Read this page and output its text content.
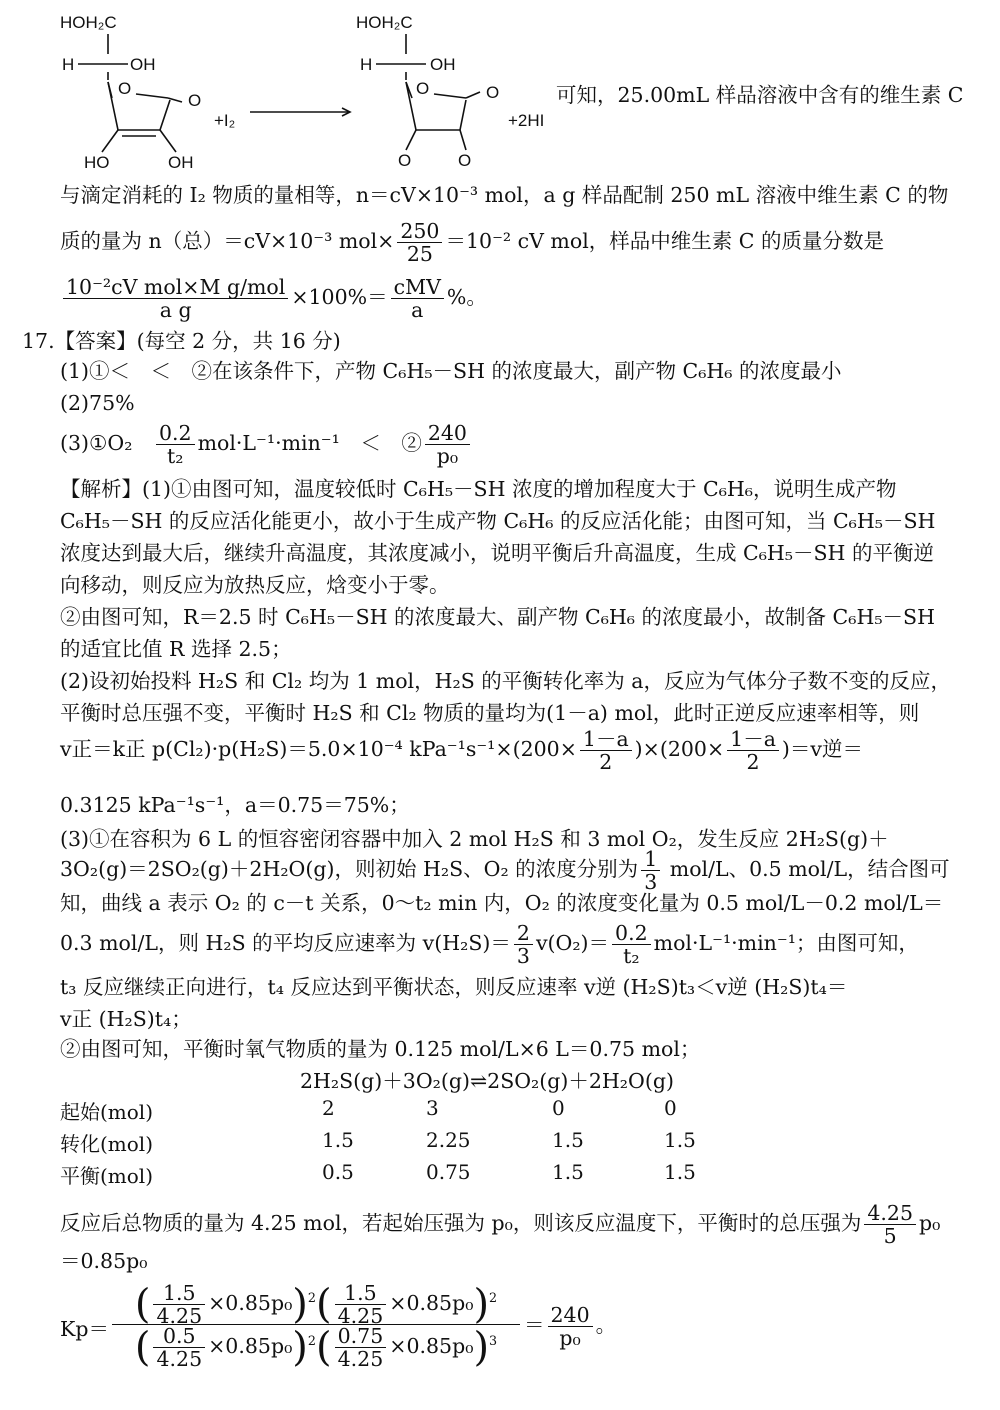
HOH₂C
H	OH
O
O
HO	OH
+I₂
HOH₂C
H	OH
O	O
O	O
+2HI
可知，25.00mL 样品溶液中含有的维生素 C
与滴定消耗的 I₂ 物质的量相等，n＝cV×10⁻³ mol，a g 样品配制 250 mL 溶液中维生素 C 的物
质的量为 n（总）＝cV×10⁻³ $mol\times \frac{250}{25} =10^{-2}$ cV mol，样品中维生素 C 的质量分数是
10⁻²cV mol×M g/mol
a g
×100%＝ cMV
a
%。
17.【答案】(每空 2 分，共 16 分)
(1)①＜　＜　②在该条件下，产物 C₆H₅－SH 的浓度最大，副产物 C₆H₆ 的浓度最小
(2)75%
(3)①O₂　 $\frac{0.2}{\text{t₂}} mol\cdot L^{-1}\cdot\min^{-1}$　＜　② $\frac{240}{\text{p₀}}$
【解析】(1)①由图可知，温度较低时 C₆H₅－SH 浓度的增加程度大于 C₆H₆，说明生成产物
C₆H₅－SH 的反应活化能更小，故小于生成产物 C₆H₆ 的反应活化能；由图可知，当 C₆H₅－SH
浓度达到最大后，继续升高温度，其浓度减小，说明平衡后升高温度，生成 C₆H₅－SH 的平衡逆
向移动，则反应为放热反应，焓变小于零。
②由图可知，R＝2.5 时 C₆H₅－SH 的浓度最大、副产物 C₆H₆ 的浓度最小，故制备 C₆H₅－SH
的适宜比值 R 选择 2.5；
(2)设初始投料 H₂S 和 Cl₂ 均为 1 mol，H₂S 的平衡转化率为 a，反应为气体分子数不变的反应，
平衡时总压强不变，平衡时 H₂S 和 Cl₂ 物质的量均为(1－a) mol，此时正逆反应速率相等，则
v正＝k正 p(Cl₂)·p(H₂S)＝5.0×10⁻⁴ $kPa^{-1}s^{-1}\times(200\times \frac{1-a}{2} )\times(200\times \frac{1-a}{2} )=v$逆＝
0.3125 kPa⁻¹s⁻¹，a＝0.75＝75%；
(3)①在容积为 6 L 的恒容密闭容器中加入 2 mol H₂S 和 3 mol O₂，发生反应 2H₂S(g)＋
3O₂(g)＝2SO₂(g)＋2H₂O(g)，则初始 H₂S、O₂ 的浓度分别为 $\frac{1}{3} mol/L$、0.5 mol/L，结合图可
知，曲线 a 表示 O₂ 的 c－t 关系，0～t₂ min 内，O₂ 的浓度变化量为 0.5 mol/L－0.2 mol/L＝
0.3 mol/L，则 H₂S 的平均反应速率为 $v(H_2S)= \frac{2}{3} v(O_2)= \frac{0.2}{\text{t₂}} mol\cdot L^{-1}\cdot\min^{-1}$；由图可知，
t₃ 反应继续正向进行，t₄ 反应达到平衡状态，则反应速率 v逆 (H₂S)t₃＜v逆 (H₂S)t₄＝
v正 (H₂S)t₄；
②由图可知，平衡时氧气物质的量为 0.125 mol/L×6 L＝0.75 mol；
2H₂S(g)＋3O₂(g)⇌2SO₂(g)＋2H₂O(g)
起始(mol)	2	3	0	0
转化(mol)	1.5	2.25	1.5	1.5
平衡(mol)	0.5	0.75	1.5	1.5
反应后总物质的量为 4.25 mol，若起始压强为 p₀，则该反应温度下，平衡时的总压强为 $\frac{4.25}{5} p_0$
＝0.85p₀
$Kp= \frac{( \frac{1.5}{4.25} \times 0.85p_0)^2( \frac{1.5}{4.25} \times 0.85p_0)^2}{( \frac{0.5}{4.25} \times 0.85p_0)^2( \frac{0.75}{4.25} \times 0.85p_0)^3} = \frac{240}{\text{p₀}}$ 。
